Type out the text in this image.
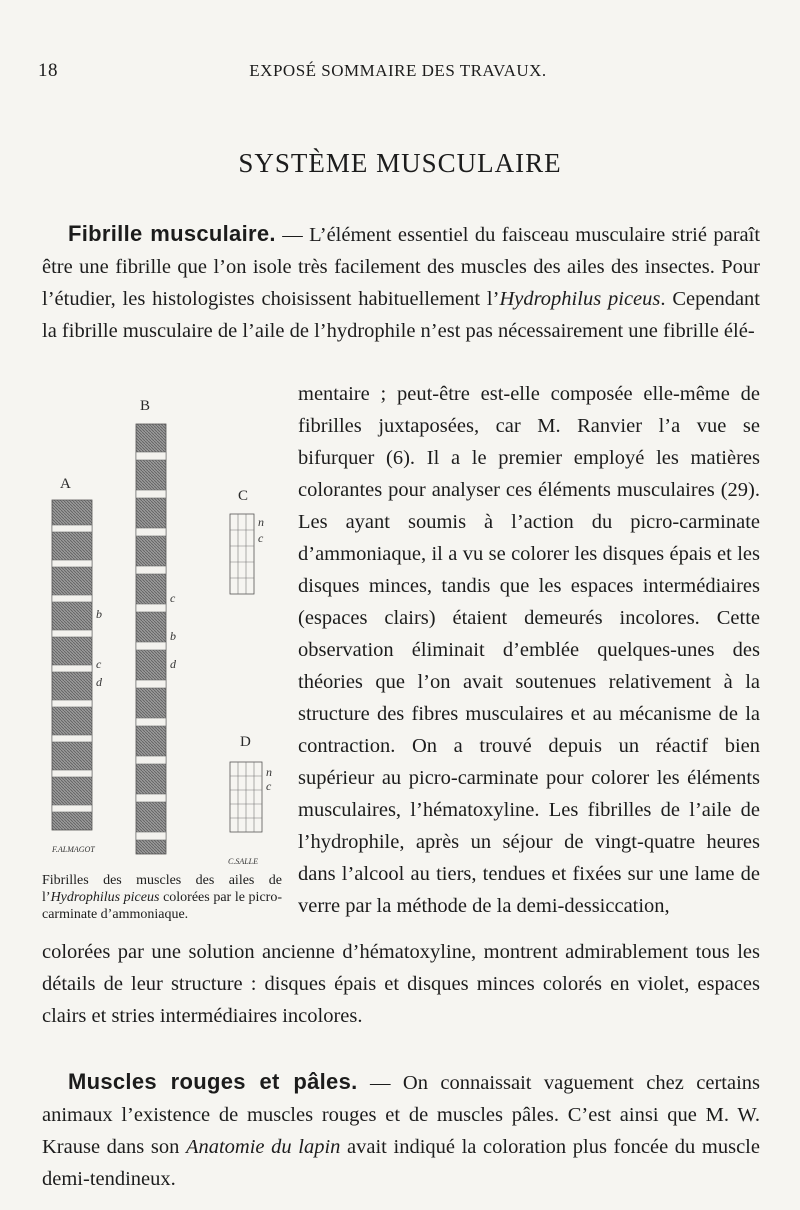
18	EXPOSÉ SOMMAIRE DES TRAVAUX.
SYSTÈME MUSCULAIRE
Fibrille musculaire. — L’élément essentiel du faisceau musculaire strié paraît être une fibrille que l’on isole très facilement des muscles des ailes des insectes. Pour l’étudier, les histologistes choisissent habituellement l’Hydrophilus piceus. Cependant la fibrille musculaire de l’aile de l’hydrophile n’est pas nécessairement une fibrille élé-
mentaire ; peut-être est-elle composée elle-même de fibrilles juxtaposées, car M. Ranvier l’a vue se bifurquer (6). Il a le premier employé les matières colorantes pour analyser ces éléments musculaires (29). Les ayant soumis à l’action du picro-carminate d’ammoniaque, il a vu se colorer les disques épais et les disques minces, tandis que les espaces intermédiaires (espaces clairs) étaient demeurés incolores. Cette observation éliminait d’emblée quelques-unes des théories que l’on avait soutenues relativement à la structure des fibres musculaires et au mécanisme de la contraction. On a trouvé depuis un réactif bien supérieur au picro-carminate pour colorer les éléments musculaires, l’hématoxyline. Les fibrilles de l’aile de l’hydrophile, après un séjour de vingt-quatre heures dans l’alcool au tiers, tendues et fixées sur une lame de verre par la méthode de la demi-dessiccation,
A
b
c
d
F.ALMAGOT
B
c
b
d
C
n
c
D
n
c
C.SALLE
Fibrilles des muscles des ailes de l’Hydrophilus piceus colorées par le picro-carminate d’ammoniaque.
colorées par une solution ancienne d’hématoxyline, montrent admirablement tous les détails de leur structure : disques épais et disques minces colorés en violet, espaces clairs et stries intermédiaires incolores.
Muscles rouges et pâles. — On connaissait vaguement chez certains animaux l’existence de muscles rouges et de muscles pâles. C’est ainsi que M. W. Krause dans son Anatomie du lapin avait indiqué la coloration plus foncée du muscle demi-tendineux.
